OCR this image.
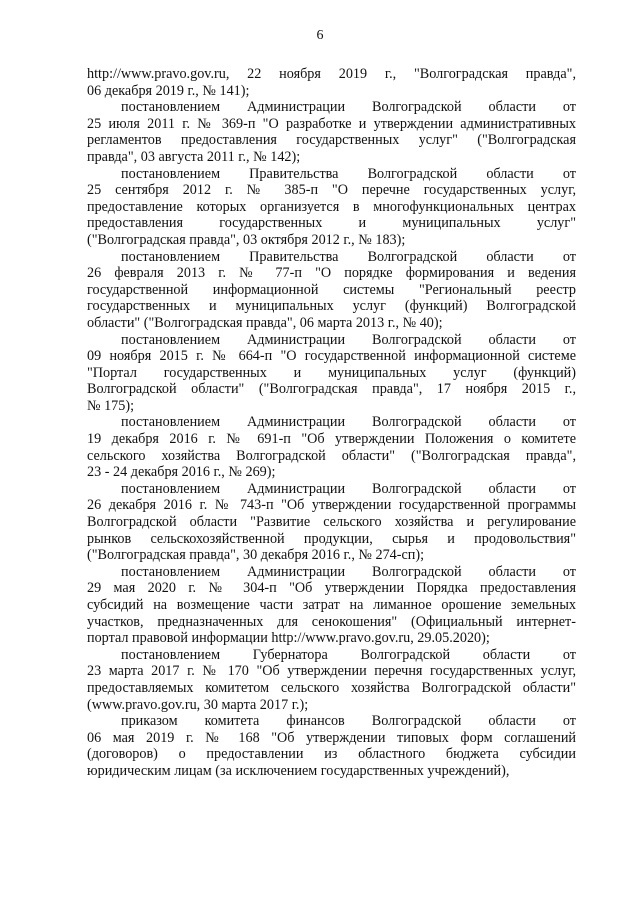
6
http://www.pravo.gov.ru, 22 ноября 2019 г., "Волгоградская правда",
06 декабря 2019 г., № 141);
постановлением Администрации Волгоградской области от
25 июля 2011 г. № 369-п "О разработке и утверждении административных
регламентов предоставления государственных услуг" ("Волгоградская
правда", 03 августа 2011 г., № 142);
постановлением Правительства Волгоградской области от
25 сентября 2012 г. № 385-п "О перечне государственных услуг,
предоставление которых организуется в многофункциональных центрах
предоставления государственных и муниципальных услуг"
("Волгоградская правда", 03 октября 2012 г., № 183);
постановлением Правительства Волгоградской области от
26 февраля 2013 г. № 77-п "О порядке формирования и ведения
государственной информационной системы "Региональный реестр
государственных и муниципальных услуг (функций) Волгоградской
области" ("Волгоградская правда", 06 марта 2013 г., № 40);
постановлением Администрации Волгоградской области от
09 ноября 2015 г. № 664-п "О государственной информационной системе
"Портал государственных и муниципальных услуг (функций)
Волгоградской области" ("Волгоградская правда", 17 ноября 2015 г.,
№ 175);
постановлением Администрации Волгоградской области от
19 декабря 2016 г. № 691-п "Об утверждении Положения о комитете
сельского хозяйства Волгоградской области" ("Волгоградская правда",
23 - 24 декабря 2016 г., № 269);
постановлением Администрации Волгоградской области от
26 декабря 2016 г. № 743-п "Об утверждении государственной программы
Волгоградской области "Развитие сельского хозяйства и регулирование
рынков сельскохозяйственной продукции, сырья и продовольствия"
("Волгоградская правда", 30 декабря 2016 г., № 274-сп);
постановлением Администрации Волгоградской области от
29 мая 2020 г. № 304-п "Об утверждении Порядка предоставления
субсидий на возмещение части затрат на лиманное орошение земельных
участков, предназначенных для сенокошения" (Официальный интернет-
портал правовой информации http://www.pravo.gov.ru, 29.05.2020);
постановлением Губернатора Волгоградской области от
23 марта 2017 г. № 170 "Об утверждении перечня государственных услуг,
предоставляемых комитетом сельского хозяйства Волгоградской области"
(www.pravo.gov.ru, 30 марта 2017 г.);
приказом комитета финансов Волгоградской области от
06 мая 2019 г. № 168 "Об утверждении типовых форм соглашений
(договоров) о предоставлении из областного бюджета субсидии
юридическим лицам (за исключением государственных учреждений),
